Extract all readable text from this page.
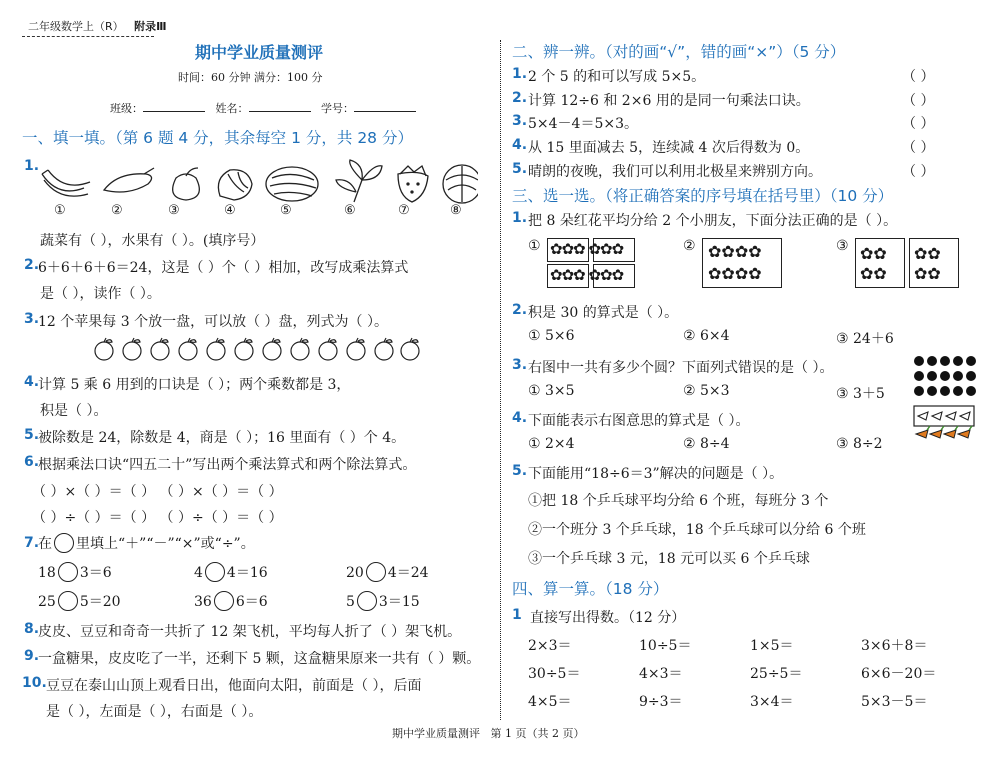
二年级数学上（R） 附录Ⅲ
期中学业质量测评
时间：60 分钟 满分：100 分
班级：	姓名：	学号：
一、填一填。（第 6 题 4 分，其余每空 1 分，共 28 分）
1.
①	②	③	④	⑤	⑥	⑦	⑧
蔬菜有（ ），水果有（ ）。(填序号）
2.
6＋6＋6＋6＝24，这是（ ）个（ ）相加，改写成乘法算式
是（ ），读作（ ）。
3.
12 个苹果每 3 个放一盘，可以放（ ）盘，列式为（ ）。
4.
计算 5 乘 6 用到的口诀是（ ）；两个乘数都是 3，
积是（ ）。
5.
被除数是 24，除数是 4，商是（ ）；16 里面有（ ）个 4。
6.
根据乘法口诀“四五二十”写出两个乘法算式和两个除法算式。
（ ）×（ ）＝（ ） （ ）×（ ）＝（ ）
（ ）÷（ ）＝（ ） （ ）÷（ ）＝（ ）
7.
在 里填上“＋”“－”“×”或“÷”。
18 3＝6	4 4＝16	20 4＝24
25 5＝20	36 6＝6	5 3＝15
8.
皮皮、豆豆和奇奇一共折了 12 架飞机，平均每人折了（ ）架飞机。
9.
一盒糖果，皮皮吃了一半，还剩下 5 颗，这盒糖果原来一共有（ ）颗。
10. 豆豆在泰山山顶上观看日出，他面向太阳，前面是（ ），后面
是（ ），左面是（ ），右面是（ ）。
二、辨一辨。（对的画“√”，错的画“×”）（5 分）
1. 2 个 5 的和可以写成 5×5。	（ ）
2. 计算 12÷6 和 2×6 用的是同一句乘法口诀。	（ ）
3. 5×4－4＝5×3。	（ ）
4. 从 15 里面减去 5，连续减 4 次后得数为 0。	（ ）
5. 晴朗的夜晚，我们可以利用北极星来辨别方向。	（ ）
三、选一选。（将正确答案的序号填在括号里）（10 分）
1. 把 8 朵红花平均分给 2 个小朋友，下面分法正确的是（ ）。
① ✿✿✿ ✿✿✿
✿✿✿ ✿✿✿
② ✿✿✿✿
✿✿✿✿
③ ✿✿
✿✿
✿✿
✿✿
2. 积是 30 的算式是（ ）。
① 5×6	② 6×4	③ 24＋6
3. 右图中一共有多少个圆？下面列式错误的是（ ）。
① 3×5	② 5×3	③ 3＋5
4. 下面能表示右图意思的算式是（ ）。
① 2×4	② 8÷4	③ 8÷2
5. 下面能用“18÷6＝3”解决的问题是（ ）。
①把 18 个乒乓球平均分给 6 个班，每班分 3 个
②一个班分 3 个乒乓球，18 个乒乓球可以分给 6 个班
③一个乒乓球 3 元，18 元可以买 6 个乒乓球
四、算一算。（18 分）
1 直接写出得数。（12 分）
2×3＝	10÷5＝	1×5＝	3×6＋8＝
30÷5＝	4×3＝	25÷5＝	6×6－20＝
4×5＝	9÷3＝	3×4＝	5×3－5＝
期中学业质量测评 第 1 页（共 2 页）
